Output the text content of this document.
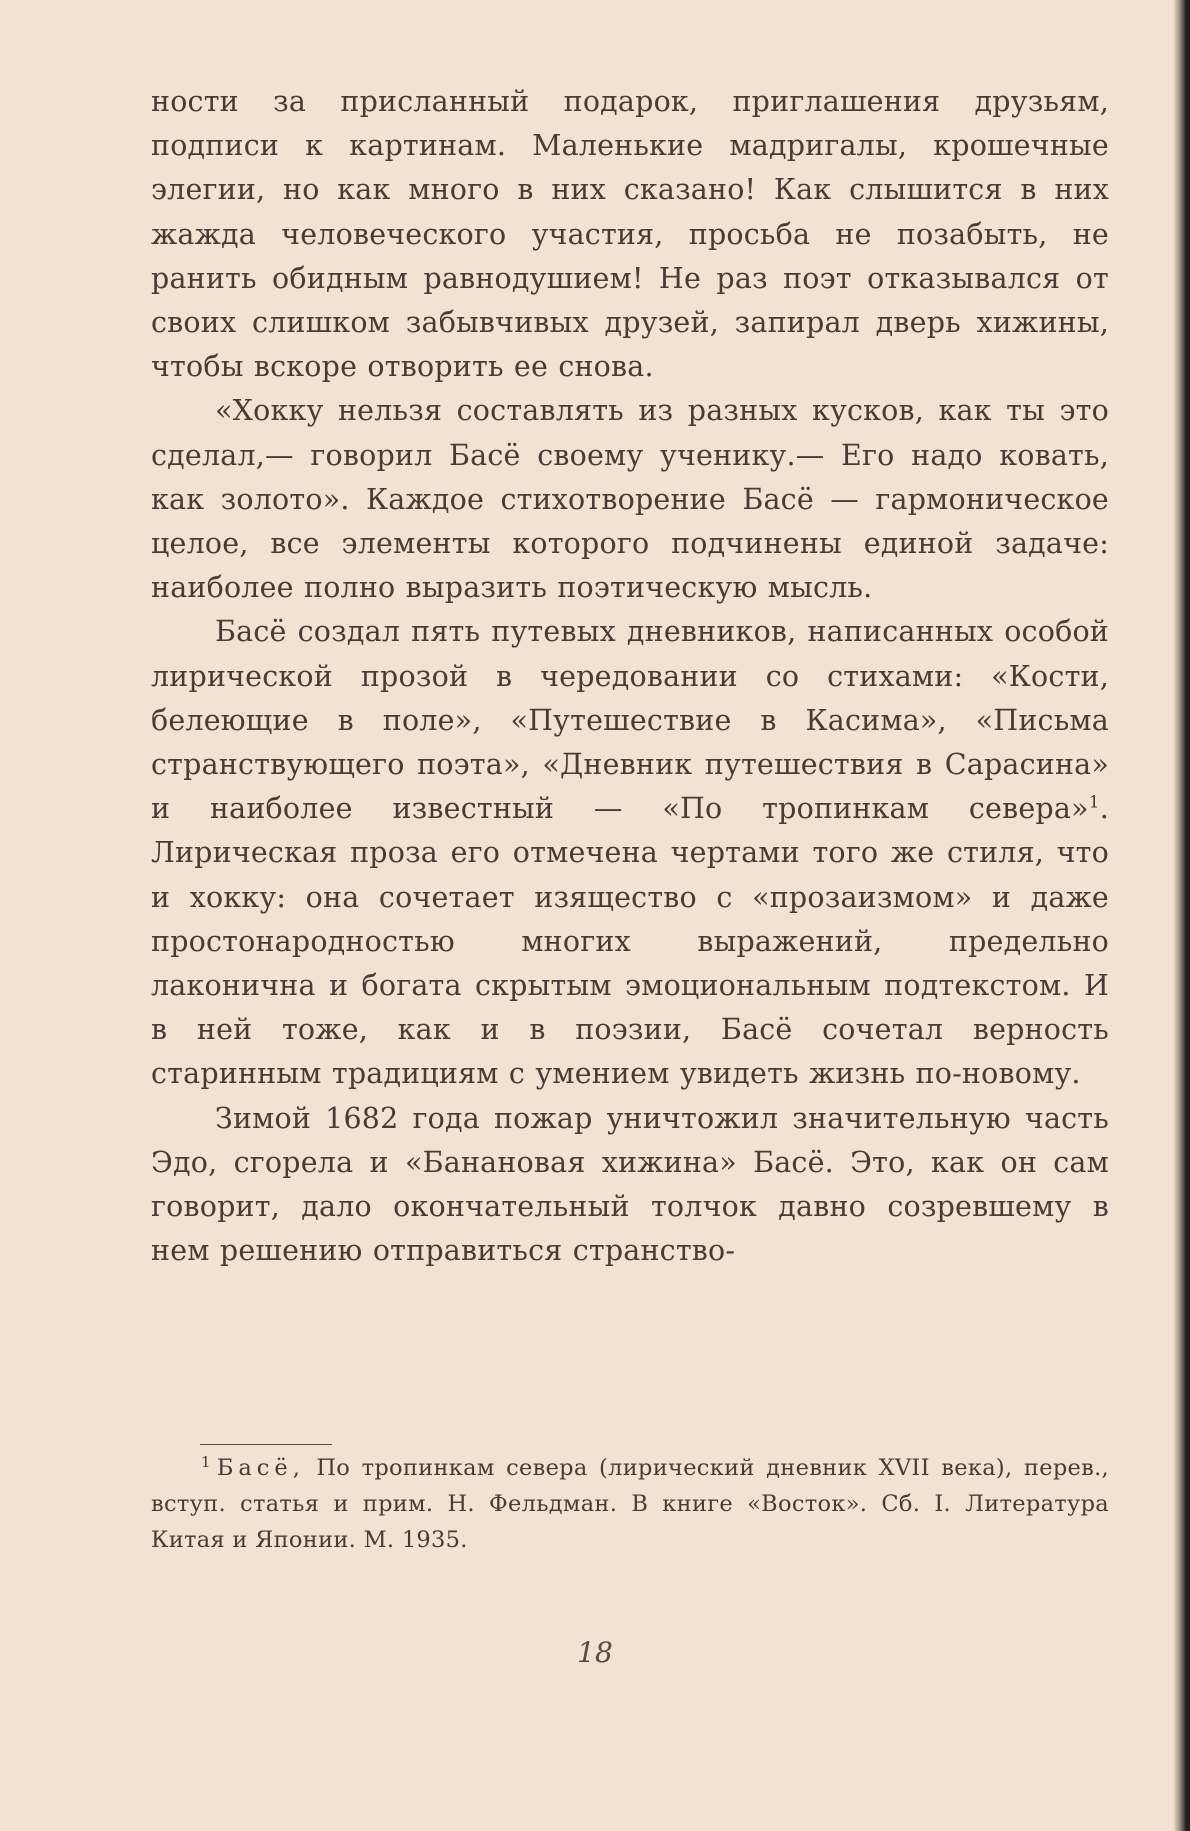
ности за присланный подарок, приглашения друзьям, подписи к картинам. Маленькие мадригалы, крошечные элегии, но как много в них сказано! Как слышится в них жажда человеческого участия, просьба не позабыть, не ранить обидным равнодушием! Не раз поэт отказывался от своих слишком забывчивых друзей, запирал дверь хижины, чтобы вскоре отворить ее снова.

«Хокку нельзя составлять из разных кусков, как ты это сделал,— говорил Басё своему ученику.— Его надо ковать, как золото». Каждое стихотворение Басё — гармоническое целое, все элементы которого подчинены единой задаче: наиболее полно выразить поэтическую мысль.

Басё создал пять путевых дневников, написанных особой лирической прозой в чередовании со стихами: «Кости, белеющие в поле», «Путешествие в Касима», «Письма странствующего поэта», «Дневник путешествия в Сарасина» и наиболее известный — «По тропинкам севера»$^1$. Лирическая проза его отмечена чертами того же стиля, что и хокку: она сочетает изящество с «прозаизмом» и даже простонародностью многих выражений, предельно лаконична и богата скрытым эмоциональным подтекстом. И в ней тоже, как и в поэзии, Басё сочетал верность старинным традициям с умением увидеть жизнь по-новому.

Зимой 1682 года пожар уничтожил значительную часть Эдо, сгорела и «Банановая хижина» Басё. Это, как он сам говорит, дало окончательный толчок давно созревшему в нем решению отправиться странство-

$^1$ Басё, По тропинкам севера (лирический дневник XVII века), перев., вступ. статья и прим. Н. Фельдман. В книге «Восток». Сб. I. Литература Китая и Японии. М. 1935.

18
